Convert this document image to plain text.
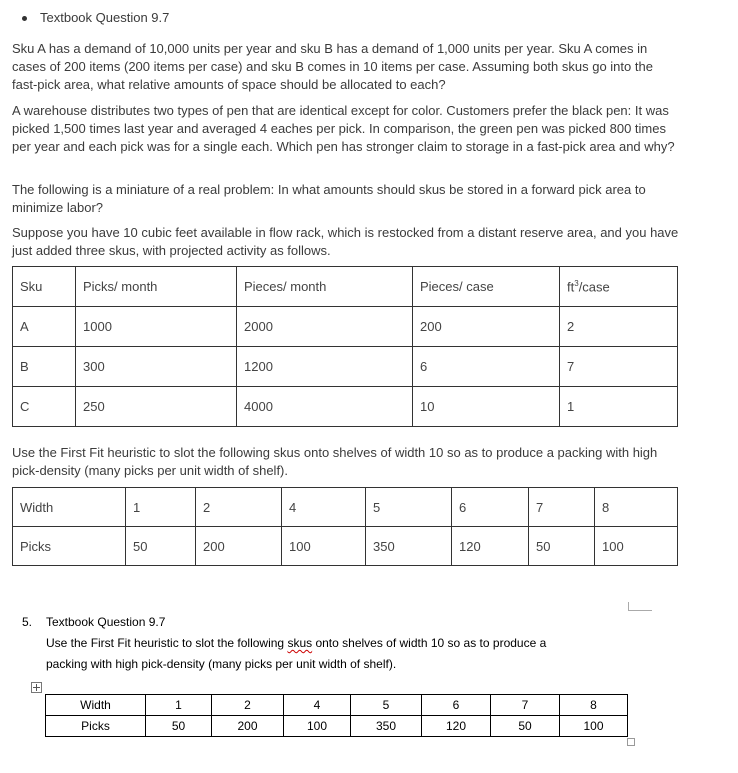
Textbook Question 9.7
Sku A has a demand of 10,000 units per year and sku B has a demand of 1,000 units per year. Sku A comes in cases of 200 items (200 items per case) and sku B comes in 10 items per case. Assuming both skus go into the fast-pick area, what relative amounts of space should be allocated to each?
A warehouse distributes two types of pen that are identical except for color. Customers prefer the black pen: It was picked 1,500 times last year and averaged 4 eaches per pick. In comparison, the green pen was picked 800 times per year and each pick was for a single each. Which pen has stronger claim to storage in a fast-pick area and why?
The following is a miniature of a real problem: In what amounts should skus be stored in a forward pick area to minimize labor?
Suppose you have 10 cubic feet available in flow rack, which is restocked from a distant reserve area, and you have just added three skus, with projected activity as follows.
Sku	Picks/ month	Pieces/ month	Pieces/ case	$ft^3$/case
A	1000	2000	200	2
B	300	1200	6	7
C	250	4000	10	1
Use the First Fit heuristic to slot the following skus onto shelves of width 10 so as to produce a packing with high pick-density (many picks per unit width of shelf).
Width	1	2	4	5	6	7	8
Picks	50	200	100	350	120	50	100
5. Textbook Question 9.7
Use the First Fit heuristic to slot the following skus onto shelves of width 10 so as to produce a
packing with high pick-density (many picks per unit width of shelf).
Width	1	2	4	5	6	7	8
Picks	50	200	100	350	120	50	100
